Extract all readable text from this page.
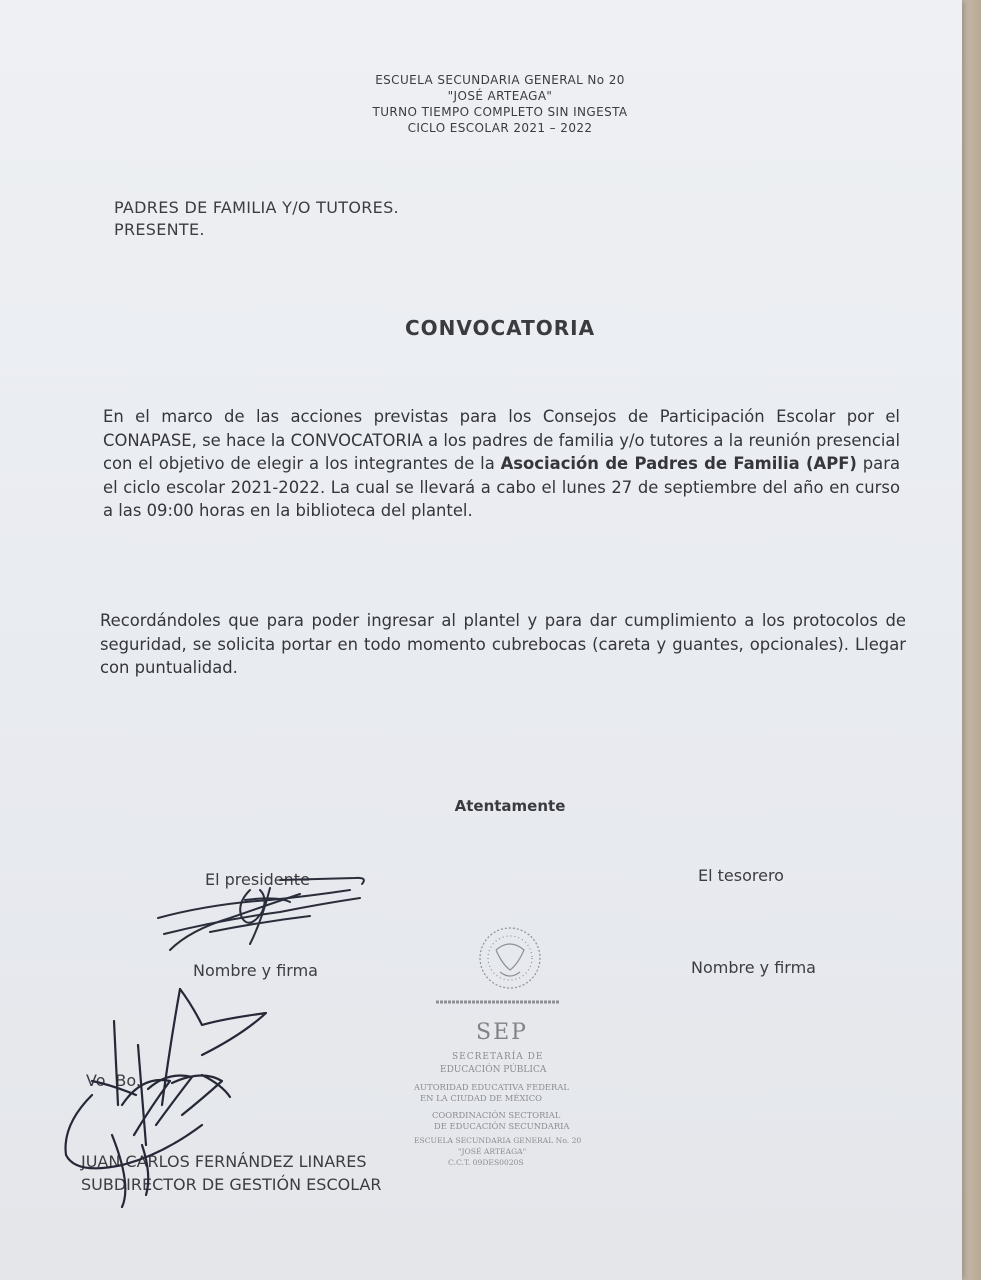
ESCUELA SECUNDARIA GENERAL No 20
"JOSÉ ARTEAGA"
TURNO TIEMPO COMPLETO SIN INGESTA
CICLO ESCOLAR 2021 – 2022
PADRES DE FAMILIA Y/O TUTORES.
PRESENTE.
CONVOCATORIA
En el marco de las acciones previstas para los Consejos de Participación Escolar por el CONAPASE, se hace la CONVOCATORIA a los padres de familia y/o tutores a la reunión presencial con el objetivo de elegir a los integrantes de la Asociación de Padres de Familia (APF) para el ciclo escolar 2021-2022. La cual se llevará a cabo el lunes 27 de septiembre del año en curso a las 09:00 horas en la biblioteca del plantel.
Recordándoles que para poder ingresar al plantel y para dar cumplimiento a los protocolos de seguridad, se solicita portar en todo momento cubrebocas (careta y guantes, opcionales). Llegar con puntualidad.
Atentamente
El presidente	El tesorero
Nombre y firma	Nombre y firma
SEP
SECRETARÍA DE
EDUCACIÓN PÚBLICA
AUTORIDAD EDUCATIVA FEDERAL
EN LA CIUDAD DE MÉXICO
COORDINACIÓN SECTORIAL
DE EDUCACIÓN SECUNDARIA
ESCUELA SECUNDARIA GENERAL No. 20
"JOSÉ ARTEAGA"
C.C.T. 09DES0020S
Vo. Bo.
JUAN CARLOS FERNÁNDEZ LINARES
SUBDIRECTOR DE GESTIÓN ESCOLAR
